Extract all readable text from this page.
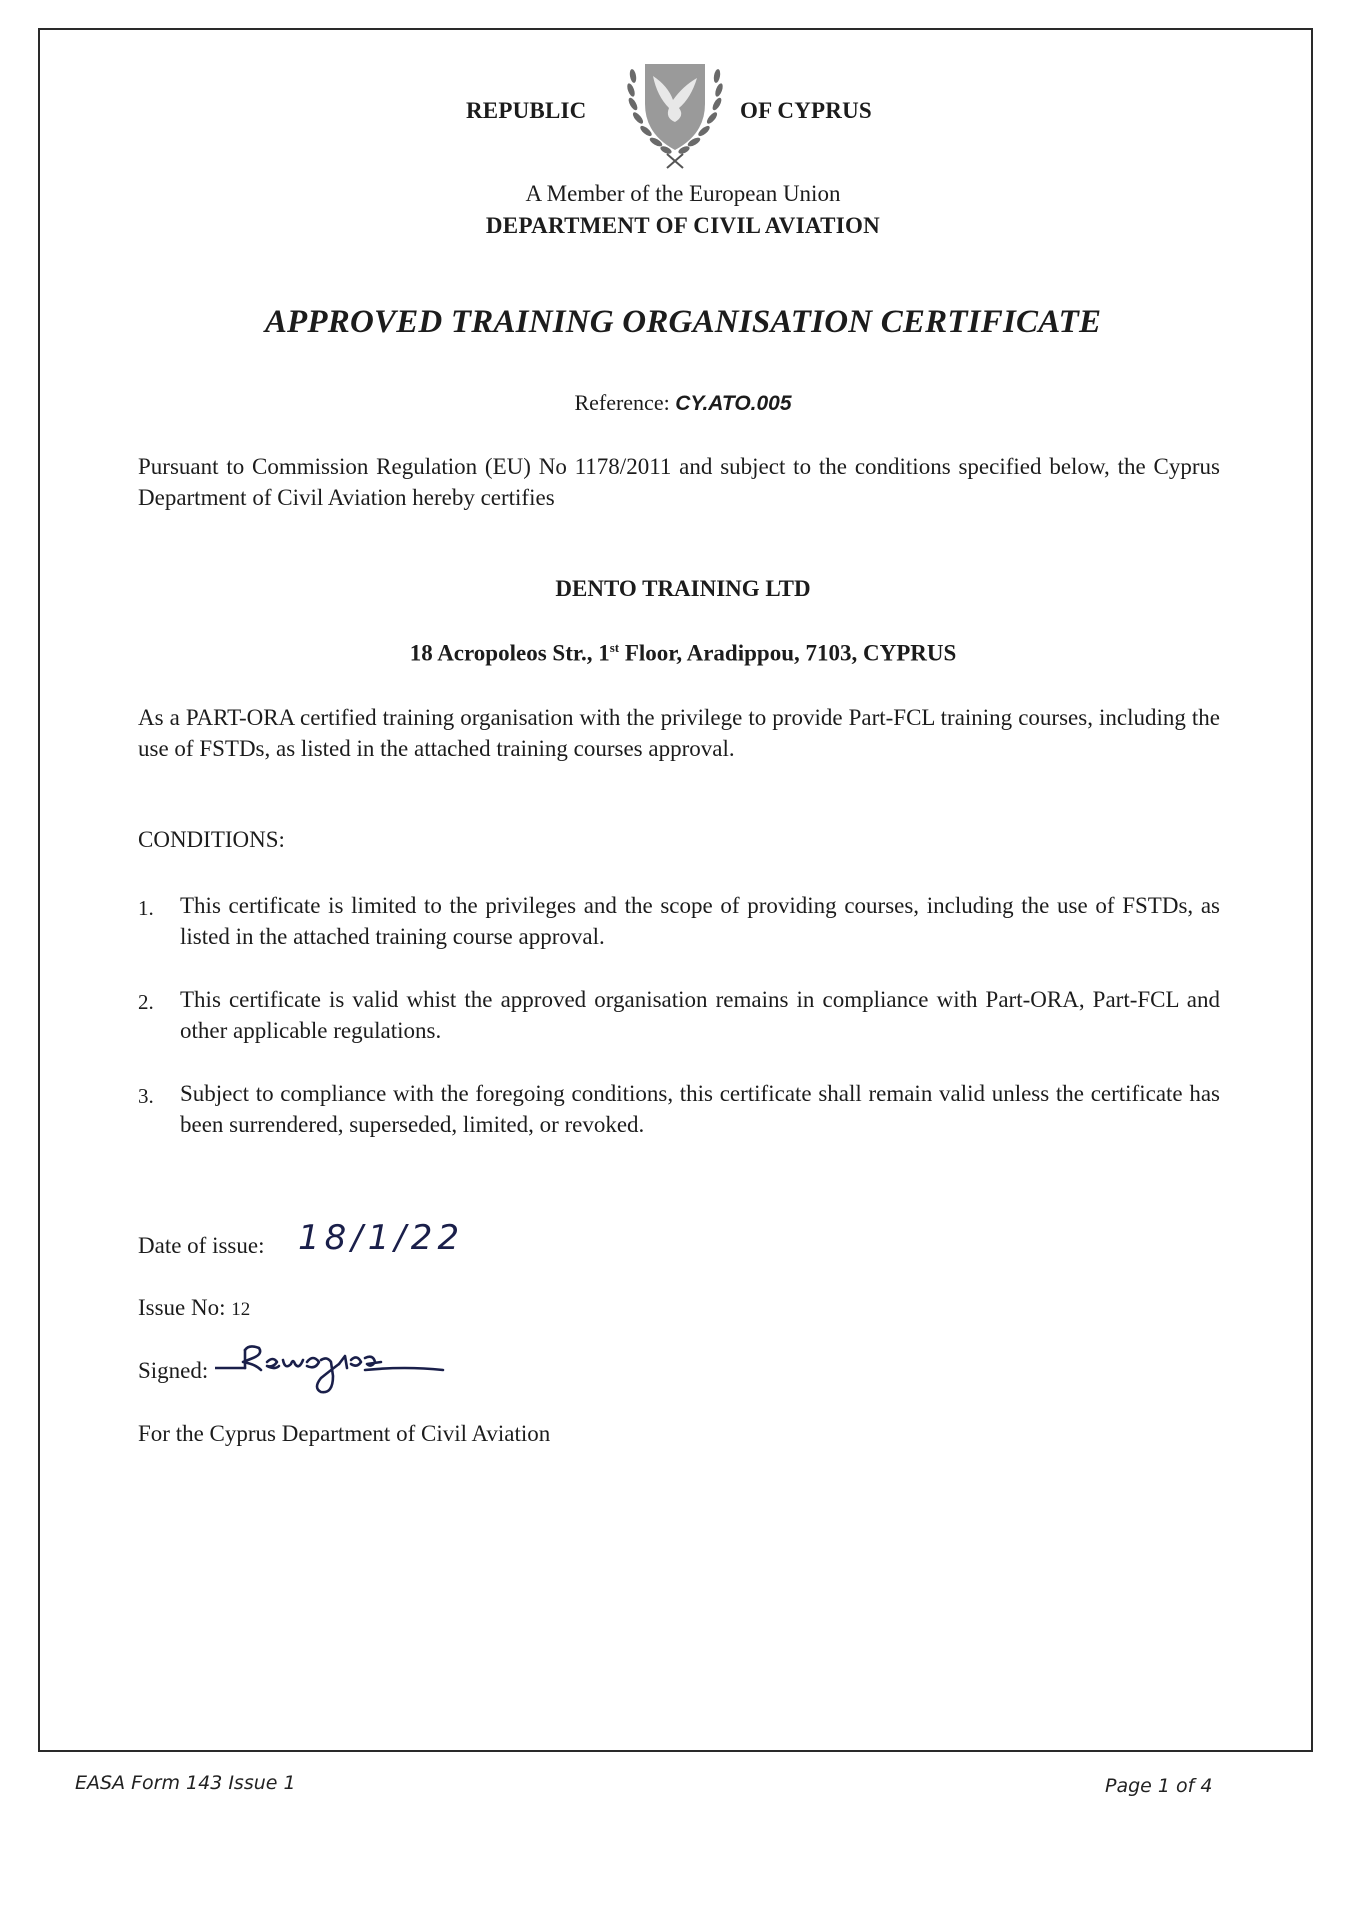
REPUBLIC	OF CYPRUS
A Member of the European Union
DEPARTMENT OF CIVIL AVIATION
APPROVED TRAINING ORGANISATION CERTIFICATE
Reference: CY.ATO.005
Pursuant to Commission Regulation (EU) No 1178/2011 and subject to the conditions specified below, the Cyprus Department of Civil Aviation hereby certifies
DENTO TRAINING LTD
18 Acropoleos Str., 1st Floor, Aradippou, 7103, CYPRUS
As a PART-ORA certified training organisation with the privilege to provide Part-FCL training courses, including the use of FSTDs, as listed in the attached training courses approval.
CONDITIONS:
1. This certificate is limited to the privileges and the scope of providing courses, including the use of FSTDs, as listed in the attached training course approval.
2. This certificate is valid whist the approved organisation remains in compliance with Part-ORA, Part-FCL and other applicable regulations.
3. Subject to compliance with the foregoing conditions, this certificate shall remain valid unless the certificate has been surrendered, superseded, limited, or revoked.
Date of issue: 18/1/22
Issue No: 12
Signed:
For the Cyprus Department of Civil Aviation
EASA Form 143 Issue 1	Page 1 of 4
